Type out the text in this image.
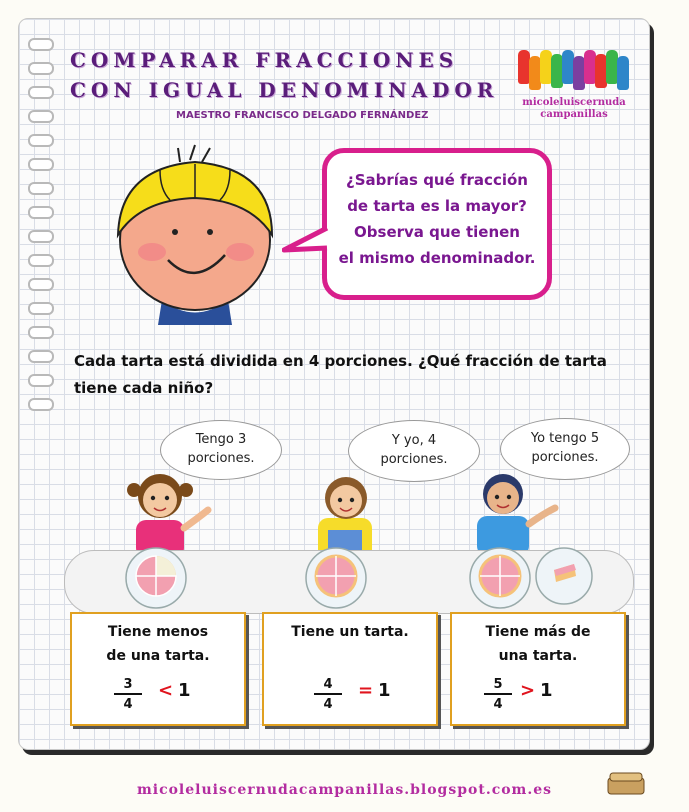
COMPARAR FRACCIONES
CON IGUAL DENOMINADOR
MAESTRO FRANCISCO DELGADO FERNÁNDEZ
micoleluiscernuda
campanillas
¿Sabrías qué fracción
de tarta es la mayor?
Observa que tienen
el mismo denominador.
Cada tarta está dividida en 4 porciones. ¿Qué fracción de tarta
tiene cada niño?
Tengo 3
porciones.
Y yo, 4
porciones.
Yo tengo 5
porciones.
Tiene menos
de una tarta.
$\frac{3}{4} < 1$
Tiene un tarta.
$\frac{4}{4} = 1$
Tiene más de
una tarta.
$\frac{5}{4} > 1$
micoleluiscernudacampanillas.blogspot.com.es
